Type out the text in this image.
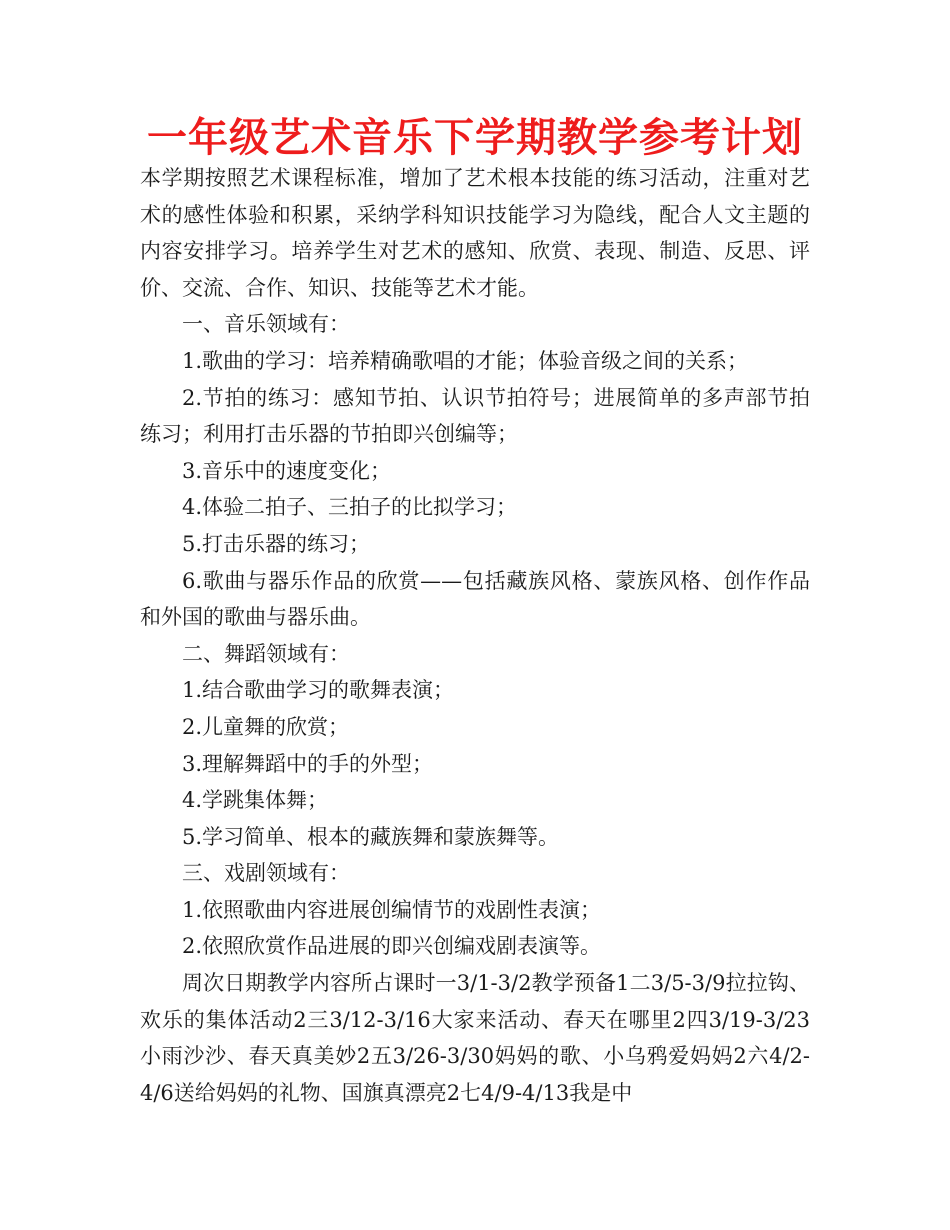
一年级艺术音乐下学期教学参考计划

本学期按照艺术课程标准，增加了艺术根本技能的练习活动，注重对艺术的感性体验和积累，采纳学科知识技能学习为隐线，配合人文主题的内容安排学习。培养学生对艺术的感知、欣赏、表现、制造、反思、评价、交流、合作、知识、技能等艺术才能。

一、音乐领域有：

1.歌曲的学习：培养精确歌唱的才能；体验音级之间的关系；

2.节拍的练习：感知节拍、认识节拍符号；进展简单的多声部节拍练习；利用打击乐器的节拍即兴创编等；

3.音乐中的速度变化；

4.体验二拍子、三拍子的比拟学习；

5.打击乐器的练习；

6.歌曲与器乐作品的欣赏——包括藏族风格、蒙族风格、创作作品和外国的歌曲与器乐曲。

二、舞蹈领域有：

1.结合歌曲学习的歌舞表演；

2.儿童舞的欣赏；

3.理解舞蹈中的手的外型；

4.学跳集体舞；

5.学习简单、根本的藏族舞和蒙族舞等。

三、戏剧领域有：

1.依照歌曲内容进展创编情节的戏剧性表演；

2.依照欣赏作品进展的即兴创编戏剧表演等。

周次日期教学内容所占课时一3/1-3/2教学预备1二3/5-3/9拉拉钩、欢乐的集体活动2三3/12-3/16大家来活动、春天在哪里2四3/19-3/23小雨沙沙、春天真美妙2五3/26-3/30妈妈的歌、小乌鸦爱妈妈2六4/2-4/6送给妈妈的礼物、国旗真漂亮2七4/9-4/13我是中
